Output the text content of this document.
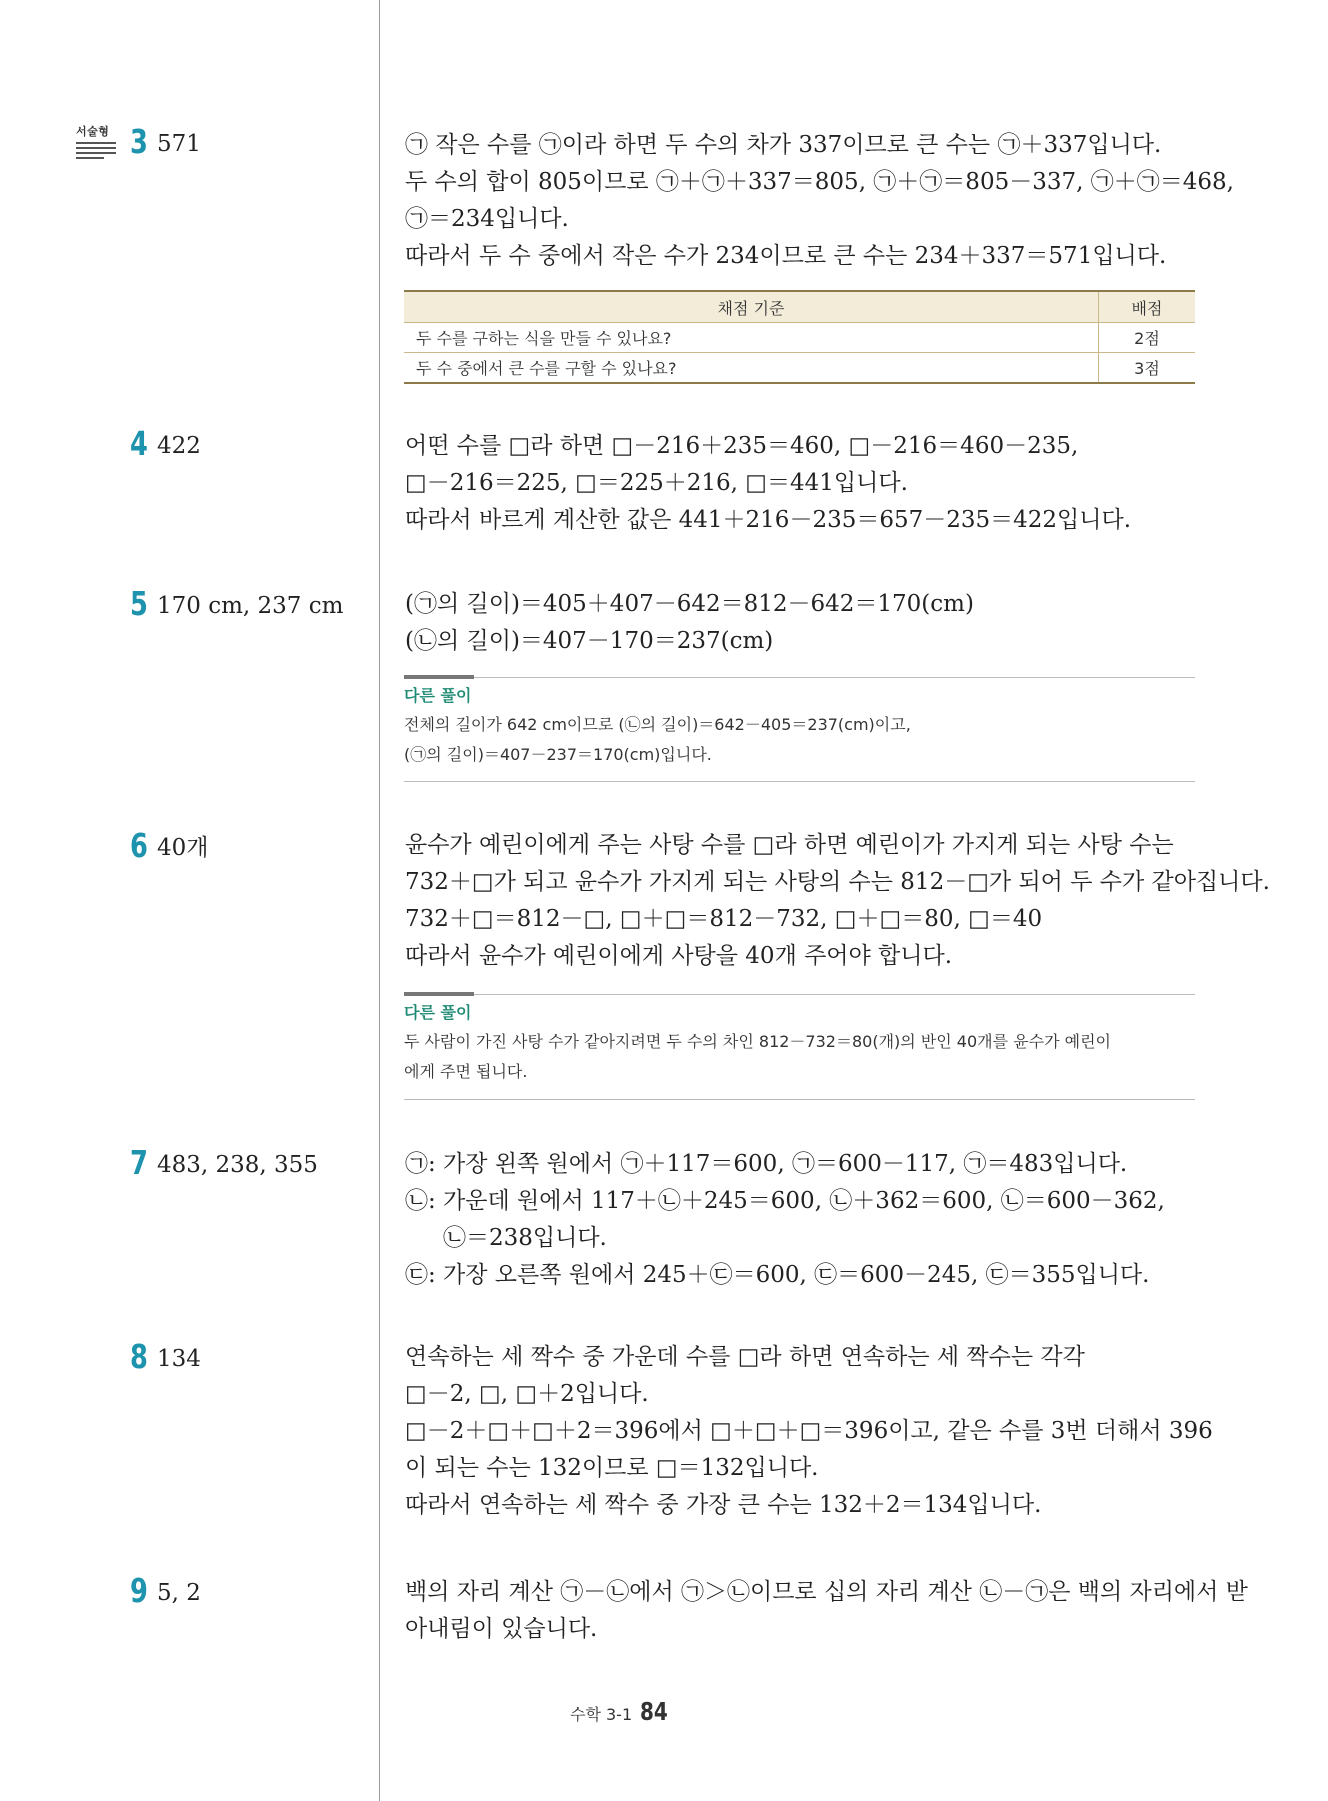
서술형 3 571	㉠ 작은 수를 ㉠이라 하면 두 수의 차가 337이므로 큰 수는 ㉠＋337입니다.

두 수의 합이 805이므로 ㉠＋㉠＋337＝805, ㉠＋㉠＝805－337, ㉠＋㉠＝468,

㉠＝234입니다.

따라서 두 수 중에서 작은 수가 234이므로 큰 수는 234＋337＝571입니다.

채점 기준	배점
두 수를 구하는 식을 만들 수 있나요?	2점
두 수 중에서 큰 수를 구할 수 있나요?	3점
4 422	어떤 수를 □라 하면 □－216＋235＝460, □－216＝460－235,

□－216＝225, □＝225＋216, □＝441입니다.

따라서 바르게 계산한 값은 441＋216－235＝657－235＝422입니다.

5 170 cm, 237 cm	(㉠의 길이)＝405＋407－642＝812－642＝170(cm)

(㉡의 길이)＝407－170＝237(cm)

다른 풀이

전체의 길이가 642 cm이므로 (㉡의 길이)＝642－405＝237(cm)이고,

(㉠의 길이)＝407－237＝170(cm)입니다.

6 40개	윤수가 예린이에게 주는 사탕 수를 □라 하면 예린이가 가지게 되는 사탕 수는

732＋□가 되고 윤수가 가지게 되는 사탕의 수는 812－□가 되어 두 수가 같아집니다.

732＋□＝812－□, □＋□＝812－732, □＋□＝80, □＝40

따라서 윤수가 예린이에게 사탕을 40개 주어야 합니다.

다른 풀이

두 사람이 가진 사탕 수가 같아지려면 두 수의 차인 812－732＝80(개)의 반인 40개를 윤수가 예린이

에게 주면 됩니다.

7 483, 238, 355	㉠: 가장 왼쪽 원에서 ㉠＋117＝600, ㉠＝600－117, ㉠＝483입니다.

㉡: 가운데 원에서 117＋㉡＋245＝600, ㉡＋362＝600, ㉡＝600－362,

㉡＝238입니다.

㉢: 가장 오른쪽 원에서 245＋㉢＝600, ㉢＝600－245, ㉢＝355입니다.

8 134	연속하는 세 짝수 중 가운데 수를 □라 하면 연속하는 세 짝수는 각각

□－2, □, □＋2입니다.

□－2＋□＋□＋2＝396에서 □＋□＋□＝396이고, 같은 수를 3번 더해서 396

이 되는 수는 132이므로 □＝132입니다.

따라서 연속하는 세 짝수 중 가장 큰 수는 132＋2＝134입니다.

9 5, 2	백의 자리 계산 ㉠－㉡에서 ㉠＞㉡이므로 십의 자리 계산 ㉡－㉠은 백의 자리에서 받

아내림이 있습니다.

수학 3-1 84
